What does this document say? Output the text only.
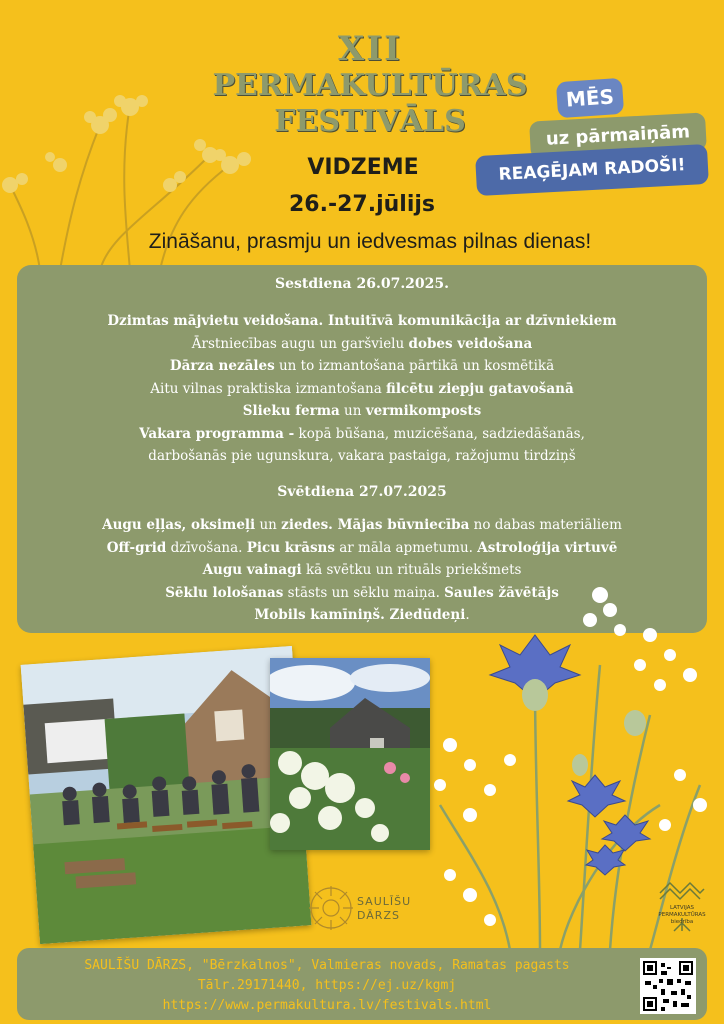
XII
PERMAKULTŪRAS
FESTIVĀLS
VIDZEME
26.-27.jūlijs
Zināšanu, prasmju un iedvesmas pilnas dienas!
MĒS
uz pārmaiņām
REAĢĒJAM RADOŠI!
Sestdiena 26.07.2025.
Dzimtas mājvietu veidošana. Intuitīvā komunikācija ar dzīvniekiem
Ārstniecības augu un garšvielu dobes veidošana
Dārza nezāles un to izmantošana pārtikā un kosmētikā
Aitu vilnas praktiska izmantošana filcētu ziepju gatavošanā
Slieku ferma un vermikomposts
Vakara programma - kopā būšana, muzicēšana, sadziedāšanās,
darbošanās pie ugunskura, vakara pastaiga, ražojumu tirdziņš
Svētdiena 27.07.2025
Augu eļļas, oksimeļi un ziedes. Mājas būvniecība no dabas materiāliem
Off-grid dzīvošana. Picu krāsns ar māla apmetumu. Astroloģija virtuvē
Augu vainagi kā svētku un rituāls priekšmets
Sēklu lološanas stāsts un sēklu maiņa. Saules žāvētājs
Mobils kamīniņš. Ziedūdeņi.
SAULĪŠU
DĀRZS
LATVIJAS
PERMAKULTŪRAS
biedrība
SAULĪŠU DĀRZS, "Bērzkalnos", Valmieras novads, Ramatas pagasts
Tālr.29171440, https://ej.uz/kgmj
https://www.permakultura.lv/festivals.html
